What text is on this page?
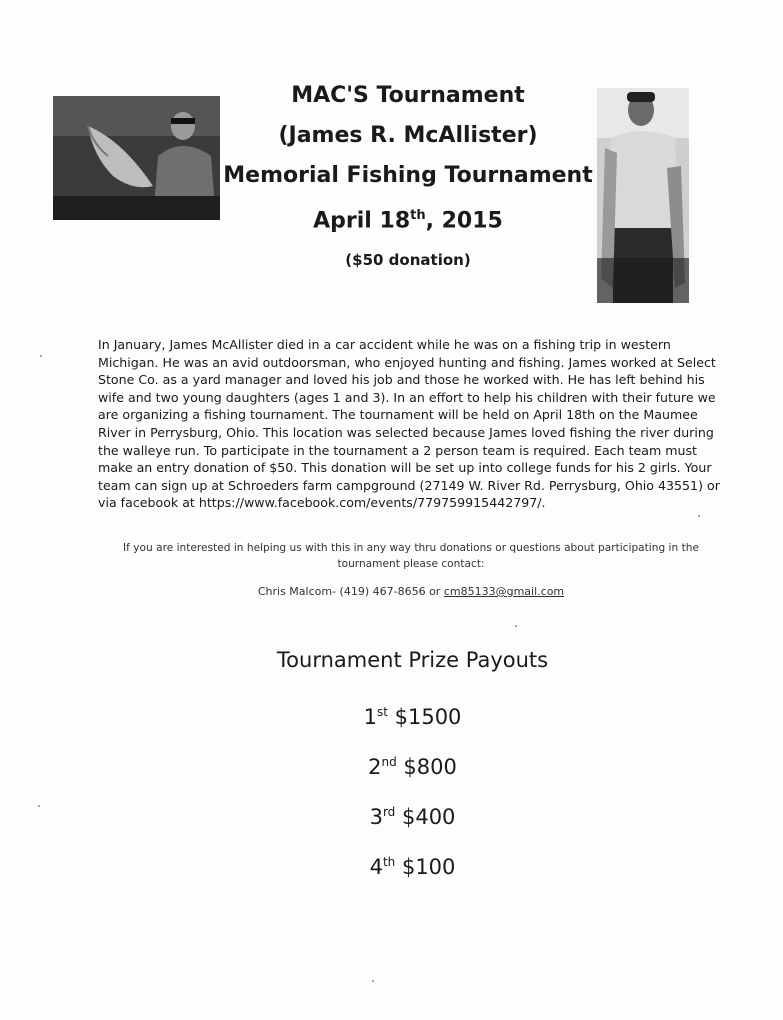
MAC'S Tournament

(James R. McAllister)

Memorial Fishing Tournament

April 18th, 2015

($50 donation)

In January, James McAllister died in a car accident while he was on a fishing trip in western Michigan. He was an avid outdoorsman, who enjoyed hunting and fishing. James worked at Select Stone Co. as a yard manager and loved his job and those he worked with. He has left behind his wife and two young daughters (ages 1 and 3). In an effort to help his children with their future we are organizing a fishing tournament. The tournament will be held on April 18th on the Maumee River in Perrysburg, Ohio. This location was selected because James loved fishing the river during the walleye run. To participate in the tournament a 2 person team is required. Each team must make an entry donation of $50. This donation will be set up into college funds for his 2 girls. Your team can sign up at Schroeders farm campground (27149 W. River Rd. Perrysburg, Ohio 43551) or via facebook at https://www.facebook.com/events/779759915442797/.

If you are interested in helping us with this in any way thru donations or questions about participating in the tournament please contact:

Chris Malcom- (419) 467-8656 or cm85133@gmail.com

Tournament Prize Payouts

1st $1500

2nd $800

3rd $400

4th $100
